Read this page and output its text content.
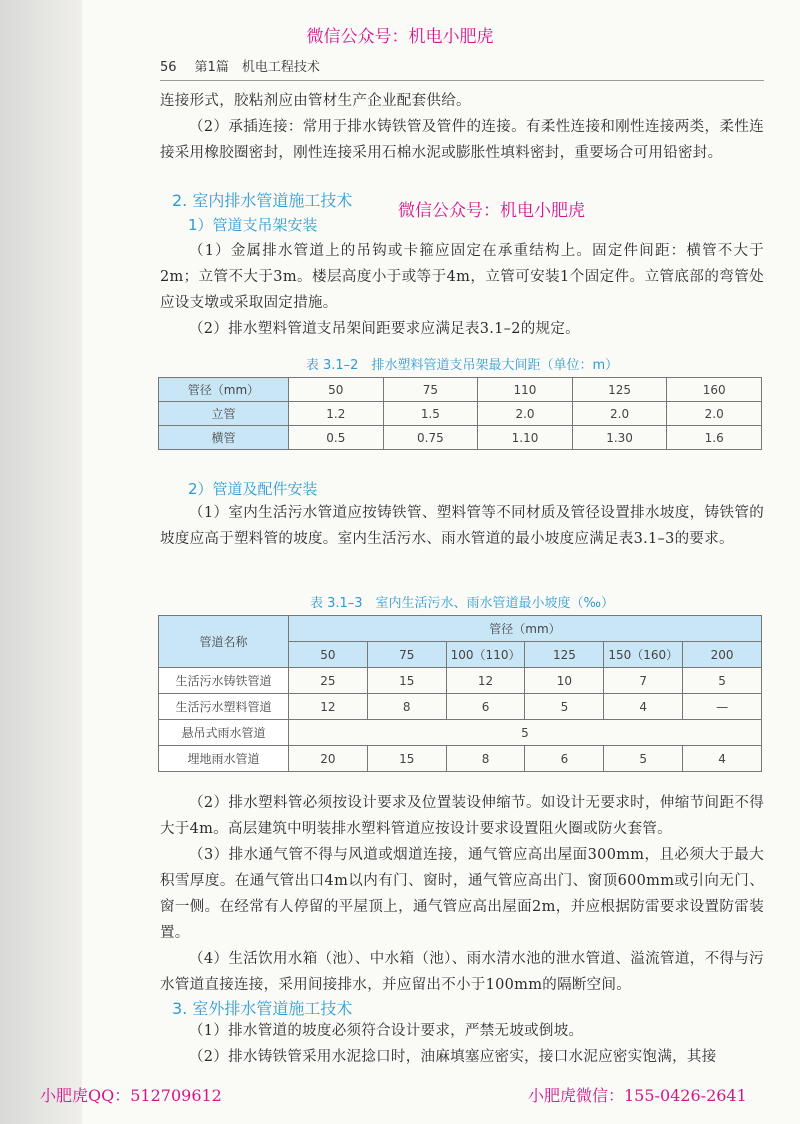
微信公众号：机电小肥虎
56 第1篇　机电工程技术
连接形式，胶粘剂应由管材生产企业配套供给。
（2）承插连接：常用于排水铸铁管及管件的连接。有柔性连接和刚性连接两类，柔性连接采用橡胶圈密封，刚性连接采用石棉水泥或膨胀性填料密封，重要场合可用铅密封。
2. 室内排水管道施工技术
微信公众号：机电小肥虎
1）管道支吊架安装
（1）金属排水管道上的吊钩或卡箍应固定在承重结构上。固定件间距：横管不大于2m；立管不大于3m。楼层高度小于或等于4m，立管可安装1个固定件。立管底部的弯管处应设支墩或采取固定措施。
（2）排水塑料管道支吊架间距要求应满足表3.1–2的规定。
表 3.1–2　排水塑料管道支吊架最大间距（单位：m）
管径（mm）	50	75	110	125	160
立管	1.2	1.5	2.0	2.0	2.0
横管	0.5	0.75	1.10	1.30	1.6
2）管道及配件安装
（1）室内生活污水管道应按铸铁管、塑料管等不同材质及管径设置排水坡度，铸铁管的坡度应高于塑料管的坡度。室内生活污水、雨水管道的最小坡度应满足表3.1–3的要求。
表 3.1–3　室内生活污水、雨水管道最小坡度（‰）
管道名称	管径（mm）					
	50	75	100（110）	125	150（160）	200
生活污水铸铁管道	25	15	12	10	7	5
生活污水塑料管道	12	8	6	5	4	—
悬吊式雨水管道	5					
埋地雨水管道	20	15	8	6	5	4
（2）排水塑料管必须按设计要求及位置装设伸缩节。如设计无要求时，伸缩节间距不得大于4m。高层建筑中明装排水塑料管道应按设计要求设置阻火圈或防火套管。
（3）排水通气管不得与风道或烟道连接，通气管应高出屋面300mm，且必须大于最大积雪厚度。在通气管出口4m以内有门、窗时，通气管应高出门、窗顶600mm或引向无门、窗一侧。在经常有人停留的平屋顶上，通气管应高出屋面2m，并应根据防雷要求设置防雷装置。
（4）生活饮用水箱（池）、中水箱（池）、雨水清水池的泄水管道、溢流管道，不得与污水管道直接连接，采用间接排水，并应留出不小于100mm的隔断空间。
3. 室外排水管道施工技术
（1）排水管道的坡度必须符合设计要求，严禁无坡或倒坡。
（2）排水铸铁管采用水泥捻口时，油麻填塞应密实，接口水泥应密实饱满，其接
小肥虎QQ：512709612	小肥虎微信：155-0426-2641
